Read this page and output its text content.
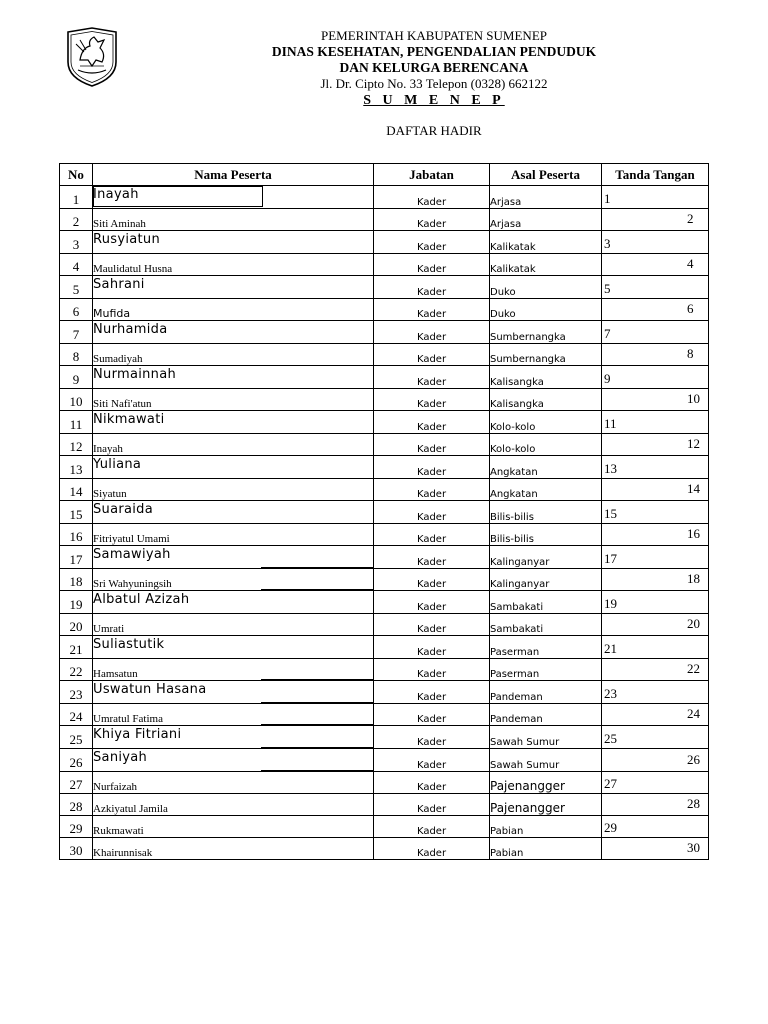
PEMERINTAH KABUPATEN SUMENEP
DINAS KESEHATAN, PENGENDALIAN PENDUDUK
DAN KELURGA BERENCANA
Jl. Dr. Cipto No. 33 Telepon (0328) 662122
S U M E N E P
DAFTAR HADIR
No	Nama Peserta	Jabatan	Asal Peserta	Tanda Tangan
1	Inayah	Kader	Arjasa	1

2	Siti Aminah	Kader	Arjasa	2

3	Rusyiatun	Kader	Kalikatak	3

4	Maulidatul Husna	Kader	Kalikatak	4

5	Sahrani	Kader	Duko	5

6	Mufida	Kader	Duko	6

7	Nurhamida	Kader	Sumbernangka	7

8	Sumadiyah	Kader	Sumbernangka	8

9	Nurmainnah	Kader	Kalisangka	9

10	Siti Nafi'atun	Kader	Kalisangka	10

11	Nikmawati	Kader	Kolo-kolo	11

12	Inayah	Kader	Kolo-kolo	12

13	Yuliana	Kader	Angkatan	13

14	Siyatun	Kader	Angkatan	14

15	Suaraida	Kader	Bilis-bilis	15

16	Fitriyatul Umami	Kader	Bilis-bilis	16

17	Samawiyah	Kader	Kalinganyar	17

18	Sri Wahyuningsih	Kader	Kalinganyar	18

19	Albatul Azizah	Kader	Sambakati	19

20	Umrati	Kader	Sambakati	20

21	Suliastutik	Kader	Paserman	21

22	Hamsatun	Kader	Paserman	22

23	Uswatun Hasana	Kader	Pandeman	23

24	Umratul Fatima	Kader	Pandeman	24

25	Khiya Fitriani	Kader	Sawah Sumur	25

26	Saniyah	Kader	Sawah Sumur	26

27	Nurfaizah	Kader	Pajenangger	27

28	Azkiyatul Jamila	Kader	Pajenangger	28

29	Rukmawati	Kader	Pabian	29

30	Khairunnisak	Kader	Pabian	30
